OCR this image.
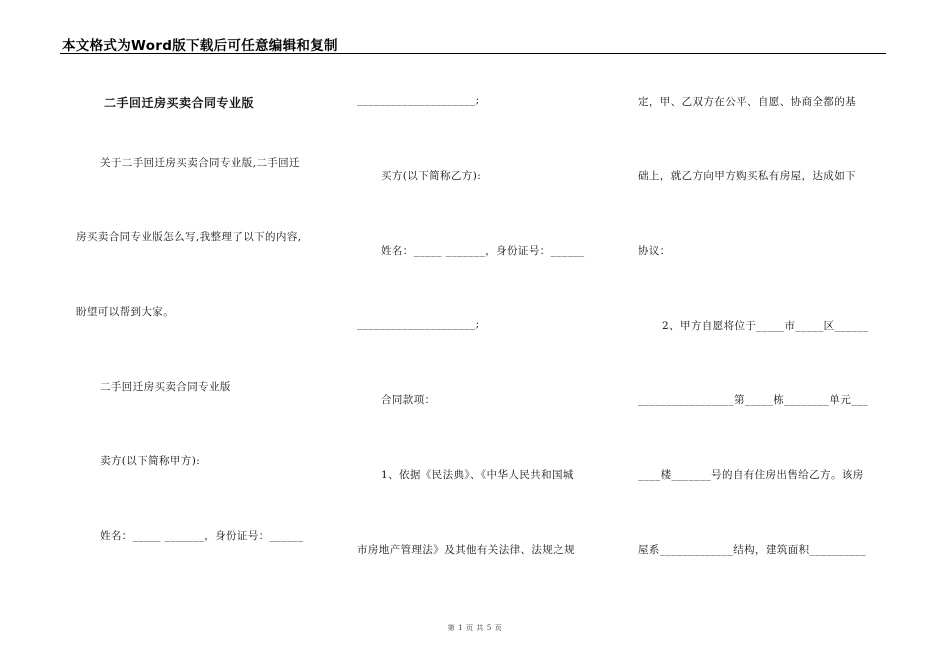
本文格式为Word版下载后可任意编辑和复制
二手回迁房买卖合同专业版
关于二手回迁房买卖合同专业版,二手回迁
房买卖合同专业版怎么写,我整理了以下的内容,
盼望可以帮到大家。
二手回迁房买卖合同专业版
卖方(以下简称甲方):
姓名：_____ _______，身份证号：______
_____________________;
买方(以下简称乙方):
姓名：_____ _______，身份证号：______
_____________________;
合同款项：
1、依据《民法典》、《中华人民共和国城
市房地产管理法》及其他有关法律、法规之规
定，甲、乙双方在公平、自愿、协商全都的基
础上，就乙方向甲方购买私有房屋，达成如下
协议：
2、甲方自愿将位于_____市_____区______
_________________第_____栋________单元___
____楼_______号的自有住房出售给乙方。该房
屋系_____________结构，建筑面积__________
第 1 页 共 5 页
